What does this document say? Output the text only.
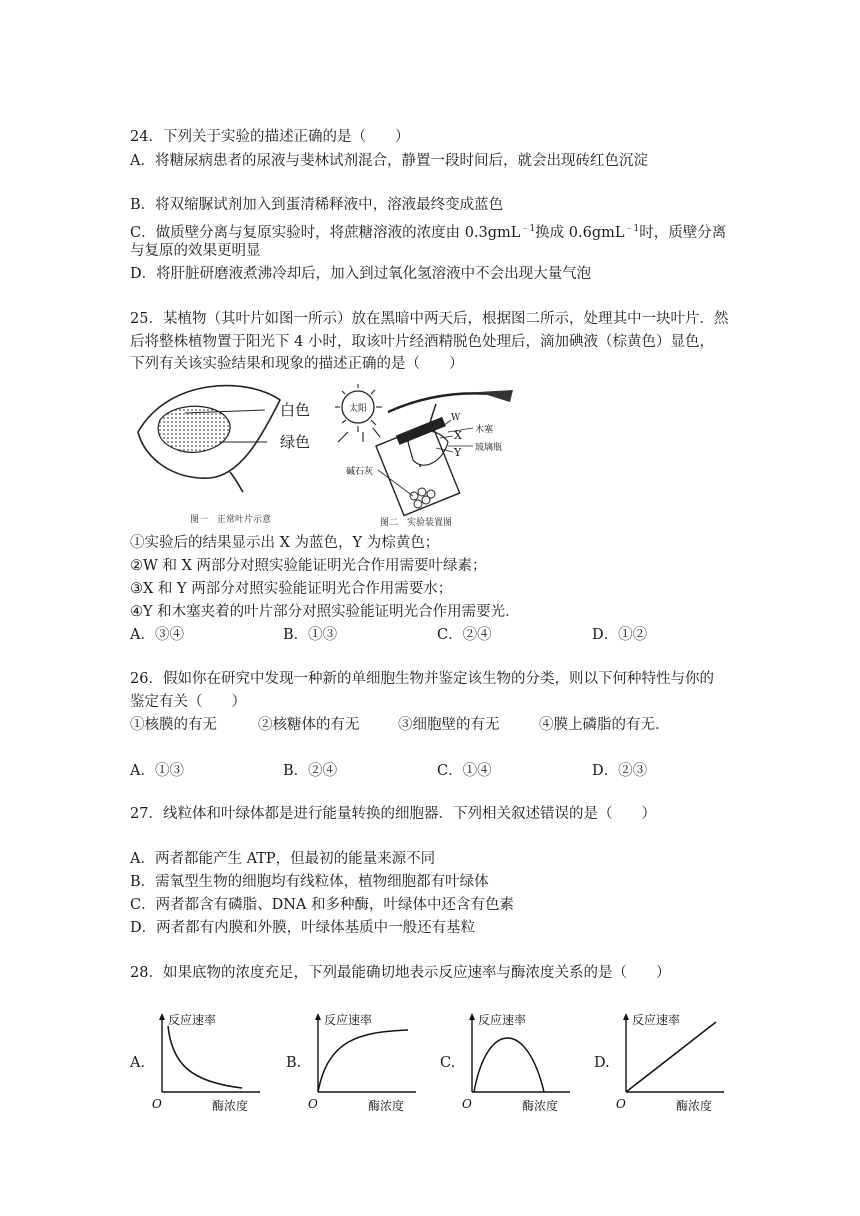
24．下列关于实验的描述正确的是（　　）
A．将糖尿病患者的尿液与斐林试剂混合，静置一段时间后，就会出现砖红色沉淀
B．将双缩脲试剂加入到蛋清稀释液中，溶液最终变成蓝色
C．做质壁分离与复原实验时，将蔗糖溶液的浓度由 0.3gmL$^{﹣1}$换成 0.6gmL$^{﹣1}$时，质壁分离
与复原的效果更明显
D．将肝脏研磨液煮沸冷却后，加入到过氧化氢溶液中不会出现大量气泡
25．某植物（其叶片如图一所示）放在黑暗中两天后，根据图二所示，处理其中一块叶片．然
后将整株植物置于阳光下 4 小时，取该叶片经酒精脱色处理后，滴加碘液（棕黄色）显色，
下列有关该实验结果和现象的描述正确的是（　　）
白色
绿色
图一　正常叶片示意
太阳
W
X
Y
木塞
玻璃瓶
碱石灰
图二　实验装置图
①实验后的结果显示出 X 为蓝色，Y 为棕黄色；
②W 和 X 两部分对照实验能证明光合作用需要叶绿素；
③X 和 Y 两部分对照实验能证明光合作用需要水；
④Y 和木塞夹着的叶片部分对照实验能证明光合作用需要光．
A．③④	B．①③	C．②④	D．①②
26．假如你在研究中发现一种新的单细胞生物并鉴定该生物的分类，则以下何种特性与你的
鉴定有关（　　）
①核膜的有无	②核糖体的有无	③细胞壁的有无	④膜上磷脂的有无．
A．①③	B．②④	C．①④	D．②③
27．线粒体和叶绿体都是进行能量转换的细胞器．下列相关叙述错误的是（　　）
A．两者都能产生 ATP，但最初的能量来源不同
B．需氧型生物的细胞均有线粒体，植物细胞都有叶绿体
C．两者都含有磷脂、DNA 和多种酶，叶绿体中还含有色素
D．两者都有内膜和外膜，叶绿体基质中一般还有基粒
28．如果底物的浓度充足，下列最能确切地表示反应速率与酶浓度关系的是（　　）
A.
反应速率
酶浓度
O
B.
反应速率
酶浓度
O
C.
反应速率
酶浓度
O
D.
反应速率
酶浓度
O
